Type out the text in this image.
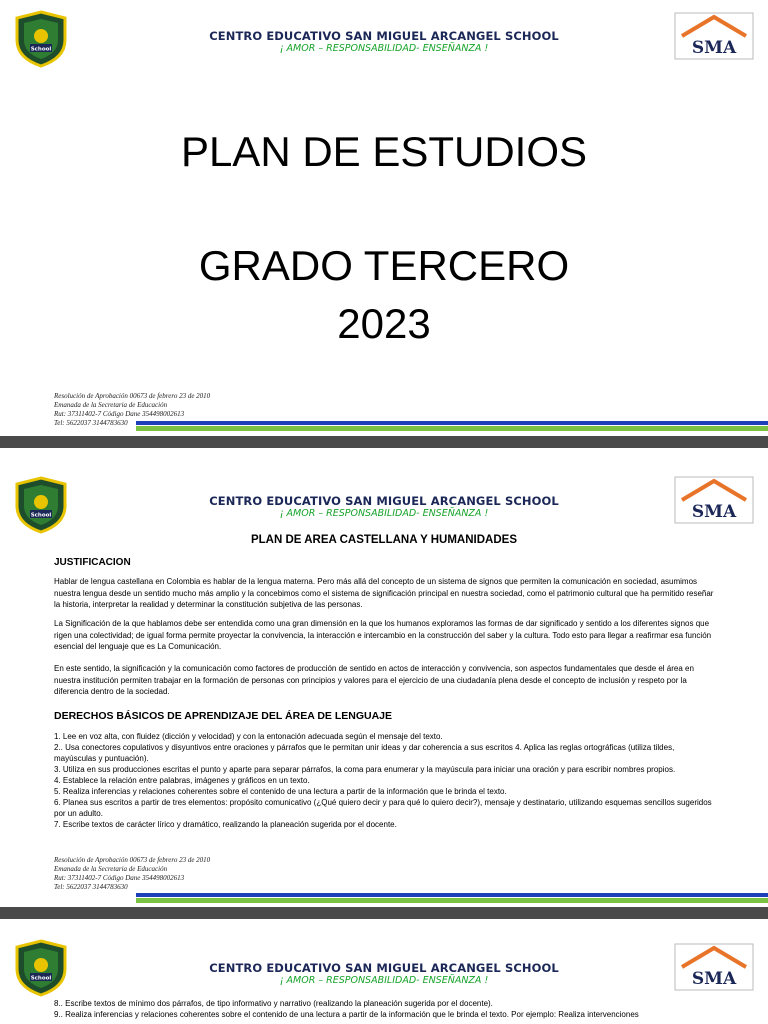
School
CENTRO EDUCATIVO SAN MIGUEL ARCANGEL SCHOOL
¡ AMOR – RESPONSABILIDAD- ENSEÑANZA !	SMA
PLAN DE ESTUDIOS
GRADO TERCERO
2023
Resolución de Aprobación 00673 de febrero 23 de 2010
Emanada de la Secretaria de Educación
Rut: 37311402-7 Código Dane 354498002613
Tel: 5622037 3144783630
School
CENTRO EDUCATIVO SAN MIGUEL ARCANGEL SCHOOL
¡ AMOR – RESPONSABILIDAD- ENSEÑANZA !	SMA
PLAN DE AREA CASTELLANA Y HUMANIDADES
JUSTIFICACION
Hablar de lengua castellana en Colombia es hablar de la lengua materna. Pero más allá del concepto de un sistema de signos que permiten la comunicación en sociedad, asumimos nuestra lengua desde un sentido mucho más amplio y la concebimos como el sistema de significación principal en nuestra sociedad, como el patrimonio cultural que ha permitido reseñar la historia, interpretar la realidad y determinar la constitución subjetiva de las personas.
La Significación de la que hablamos debe ser entendida como una gran dimensión en la que los humanos exploramos las formas de dar significado y sentido a los diferentes signos que rigen una colectividad; de igual forma permite proyectar la convivencia, la interacción e intercambio en la construcción del saber y la cultura. Todo esto para llegar a reafirmar esa función esencial del lenguaje que es La Comunicación.
En este sentido, la significación y la comunicación como factores de producción de sentido en actos de interacción y convivencia, son aspectos fundamentales que desde el área en nuestra institución permiten trabajar en la formación de personas con principios y valores para el ejercicio de una ciudadanía plena desde el concepto de inclusión y respeto por la diferencia dentro de la sociedad.
DERECHOS BÁSICOS DE APRENDIZAJE DEL ÁREA DE LENGUAJE
1. Lee en voz alta, con fluidez (dicción y velocidad) y con la entonación adecuada según el mensaje del texto.
2.. Usa conectores copulativos y disyuntivos entre oraciones y párrafos que le permitan unir ideas y dar coherencia a sus escritos 4. Aplica las reglas ortográficas (utiliza tildes, mayúsculas y puntuación).
3. Utiliza en sus producciones escritas el punto y aparte para separar párrafos, la coma para enumerar y la mayúscula para iniciar una oración y para escribir nombres propios.
4. Establece la relación entre palabras, imágenes y gráficos en un texto.
5. Realiza inferencias y relaciones coherentes sobre el contenido de una lectura a partir de la información que le brinda el texto.
6. Planea sus escritos a partir de tres elementos: propósito comunicativo (¿Qué quiero decir y para qué lo quiero decir?), mensaje y destinatario, utilizando esquemas sencillos sugeridos por un adulto.
7. Escribe textos de carácter lírico y dramático, realizando la planeación sugerida por el docente.
Resolución de Aprobación 00673 de febrero 23 de 2010
Emanada de la Secretaria de Educación
Rut: 37311402-7 Código Dane 354498002613
Tel: 5622037 3144783630
School
CENTRO EDUCATIVO SAN MIGUEL ARCANGEL SCHOOL
¡ AMOR – RESPONSABILIDAD- ENSEÑANZA !	SMA
8.. Escribe textos de mínimo dos párrafos, de tipo informativo y narrativo (realizando la planeación sugerida por el docente).
9.. Realiza inferencias y relaciones coherentes sobre el contenido de una lectura a partir de la información que le brinda el texto. Por ejemplo: Realiza intervenciones
